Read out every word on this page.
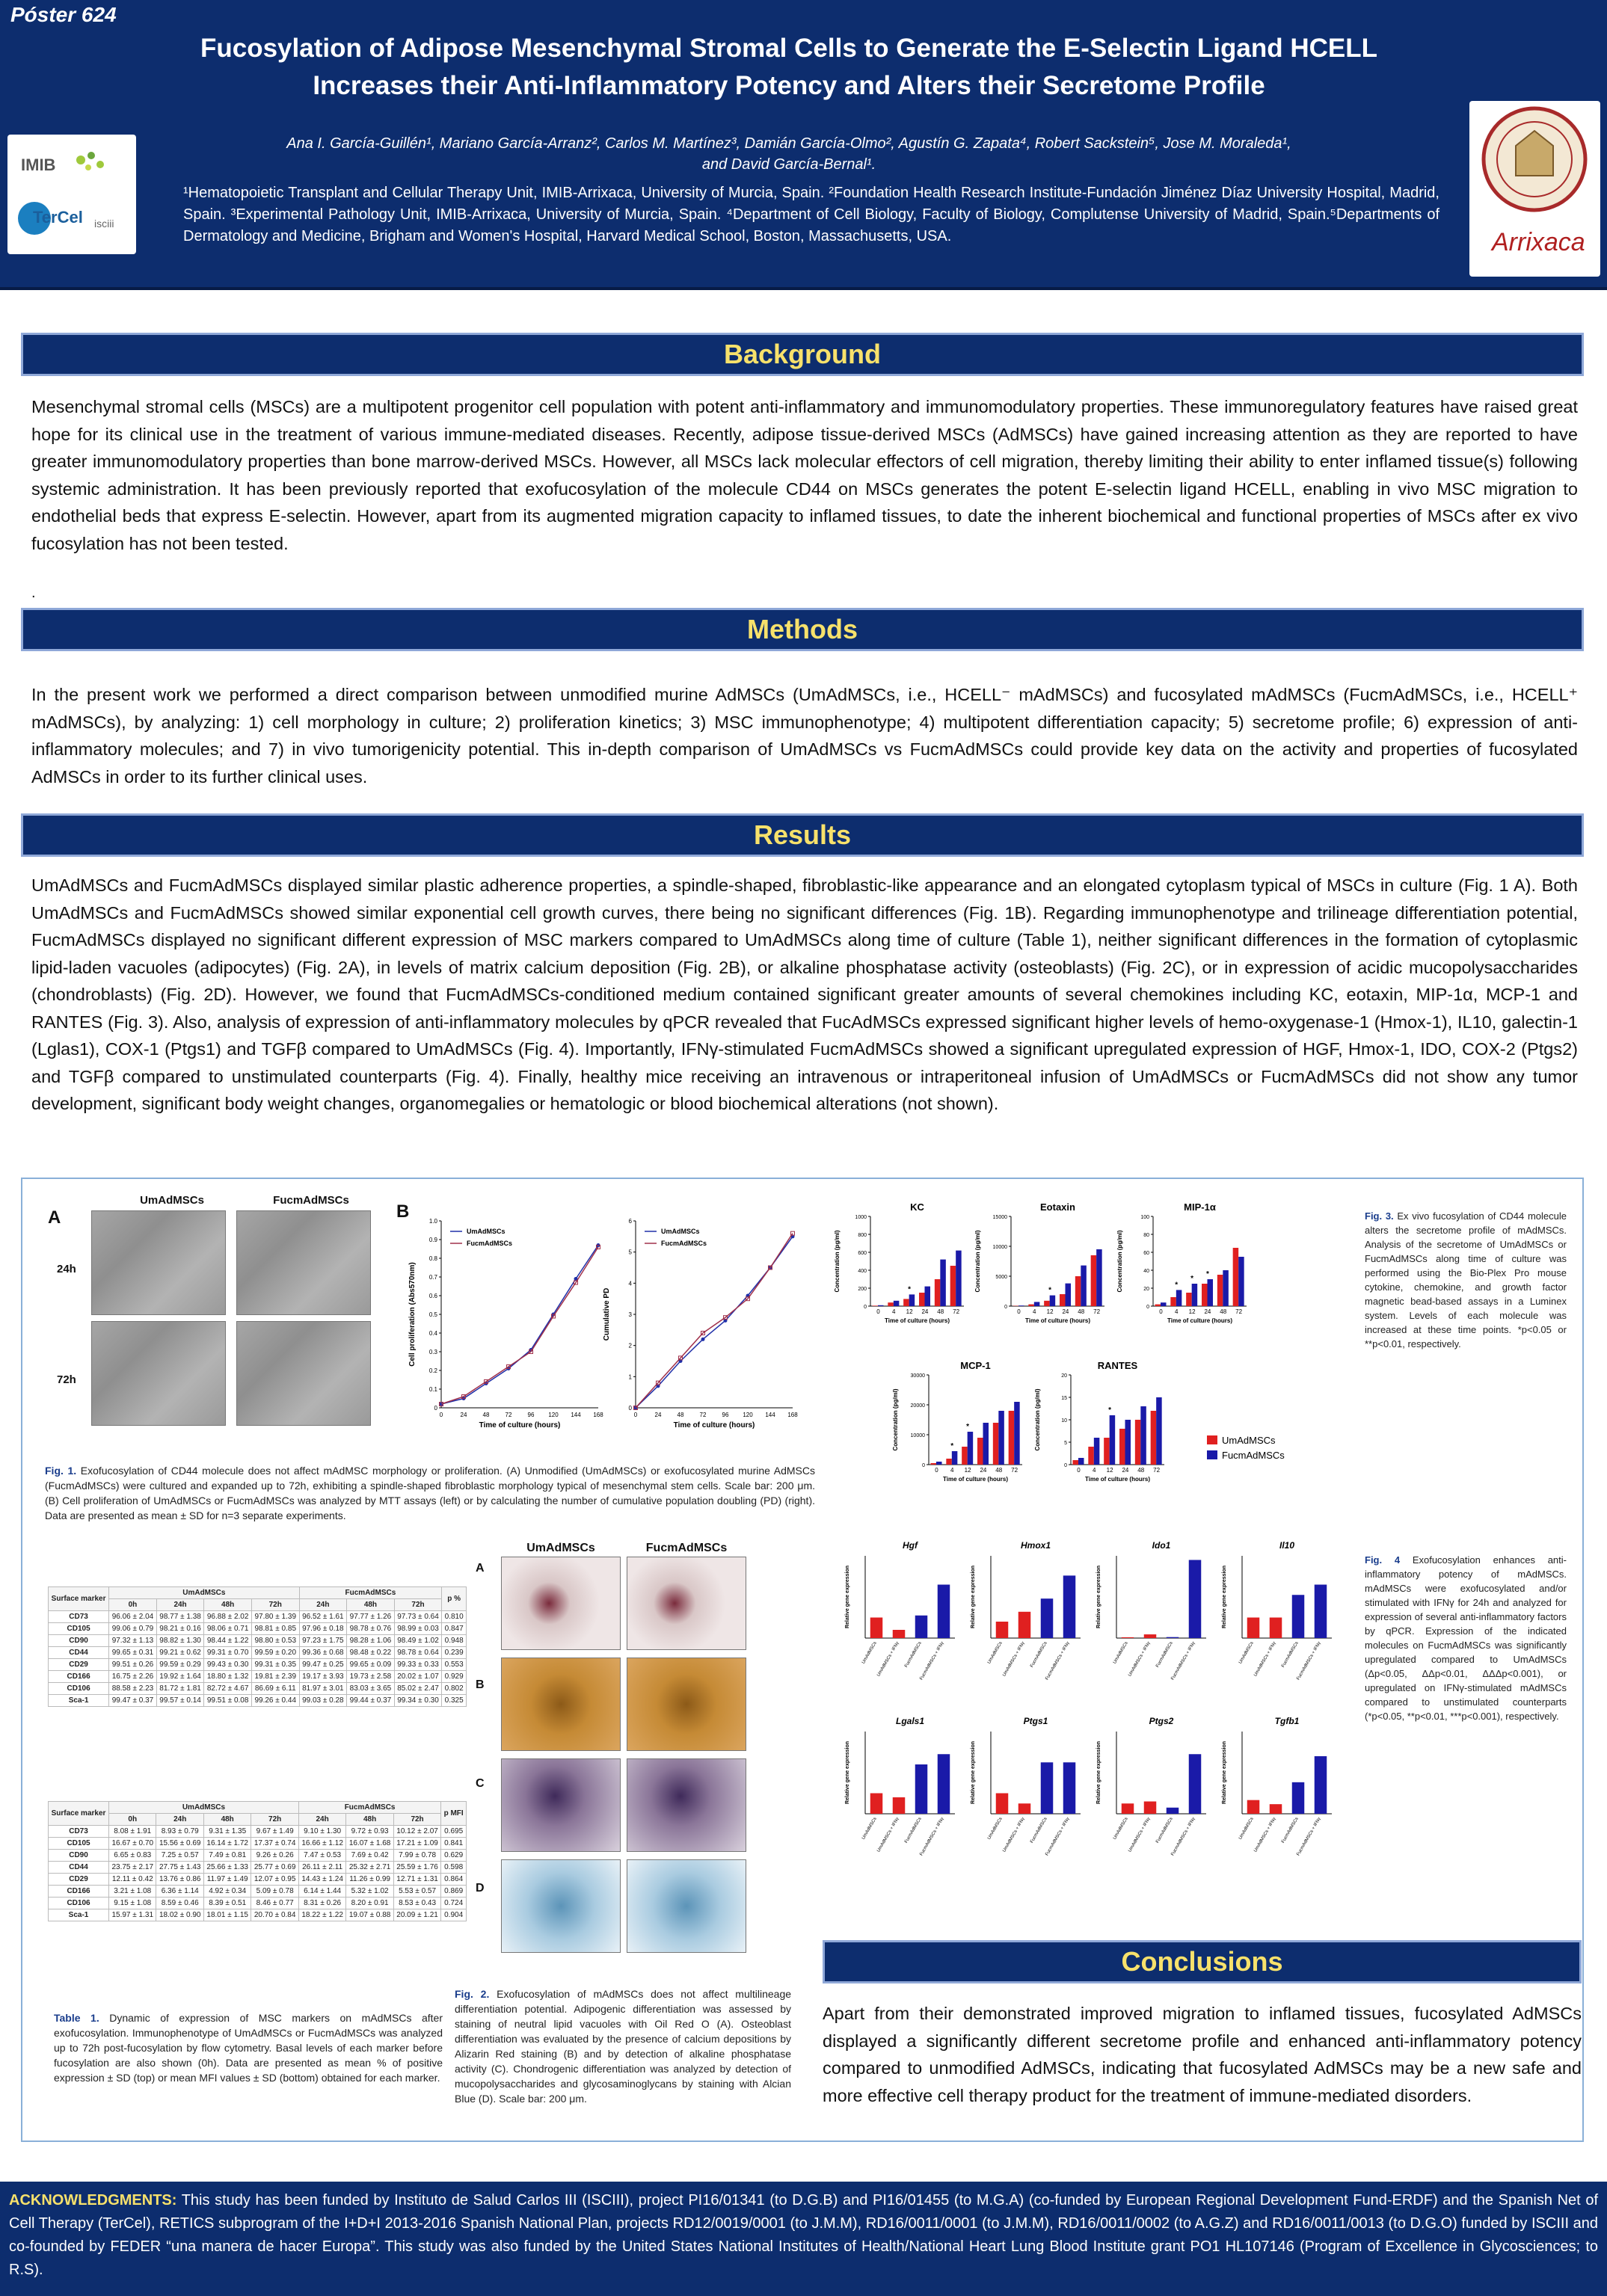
Póster 624
IMIB
TerCel isciii
Fucosylation of Adipose Mesenchymal Stromal Cells to Generate the E-Selectin Ligand HCELL
Increases their Anti-Inflammatory Potency and Alters their Secretome Profile
Ana I. García-Guillén¹, Mariano García-Arranz², Carlos M. Martínez³, Damián García-Olmo², Agustín G. Zapata⁴, Robert Sackstein⁵, Jose M. Moraleda¹,
and David García-Bernal¹.
¹Hematopoietic Transplant and Cellular Therapy Unit, IMIB-Arrixaca, University of Murcia, Spain. ²Foundation Health Research Institute-Fundación Jiménez Díaz University Hospital, Madrid, Spain. ³Experimental Pathology Unit, IMIB-Arrixaca, University of Murcia, Spain. ⁴Department of Cell Biology, Faculty of Biology, Complutense University of Madrid, Spain.⁵Departments of Dermatology and Medicine, Brigham and Women's Hospital, Harvard Medical School, Boston, Massachusetts, USA.	Arrixaca
Background
Mesenchymal stromal cells (MSCs) are a multipotent progenitor cell population with potent anti-inflammatory and immunomodulatory properties. These immunoregulatory features have raised great hope for its clinical use in the treatment of various immune-mediated diseases. Recently, adipose tissue-derived MSCs (AdMSCs) have gained increasing attention as they are reported to have greater immunomodulatory properties than bone marrow-derived MSCs. However, all MSCs lack molecular effectors of cell migration, thereby limiting their ability to enter inflamed tissue(s) following systemic administration. It has been previously reported that exofucosylation of the molecule CD44 on MSCs generates the potent E-selectin ligand HCELL, enabling in vivo MSC migration to endothelial beds that express E-selectin. However, apart from its augmented migration capacity to inflamed tissues, to date the inherent biochemical and functional properties of MSCs after ex vivo fucosylation has not been tested.
.
Methods
In the present work we performed a direct comparison between unmodified murine AdMSCs (UmAdMSCs, i.e., HCELL⁻ mAdMSCs) and fucosylated mAdMSCs (FucmAdMSCs, i.e., HCELL⁺ mAdMSCs), by analyzing: 1) cell morphology in culture; 2) proliferation kinetics; 3) MSC immunophenotype; 4) multipotent differentiation capacity; 5) secretome profile; 6) expression of anti-inflammatory molecules; and 7) in vivo tumorigenicity potential. This in-depth comparison of UmAdMSCs vs FucmAdMSCs could provide key data on the activity and properties of fucosylated AdMSCs in order to its further clinical uses.
Results
UmAdMSCs and FucmAdMSCs displayed similar plastic adherence properties, a spindle-shaped, fibroblastic-like appearance and an elongated cytoplasm typical of MSCs in culture (Fig. 1 A). Both UmAdMSCs and FucmAdMSCs showed similar exponential cell growth curves, there being no significant differences (Fig. 1B). Regarding immunophenotype and trilineage differentiation potential, FucmAdMSCs displayed no significant different expression of MSC markers compared to UmAdMSCs along time of culture (Table 1), neither significant differences in the formation of cytoplasmic lipid-laden vacuoles (adipocytes) (Fig. 2A), in levels of matrix calcium deposition (Fig. 2B), or alkaline phosphatase activity (osteoblasts) (Fig. 2C), or in expression of acidic mucopolysaccharides (chondroblasts) (Fig. 2D). However, we found that FucmAdMSCs-conditioned medium contained significant greater amounts of several chemokines including KC, eotaxin, MIP-1α, MCP-1 and RANTES (Fig. 3). Also, analysis of expression of anti-inflammatory molecules by qPCR revealed that FucAdMSCs expressed significant higher levels of hemo-oxygenase-1 (Hmox-1), IL10, galectin-1 (Lglas1), COX-1 (Ptgs1) and TGFβ compared to UmAdMSCs (Fig. 4). Importantly, IFNγ-stimulated FucmAdMSCs showed a significant upregulated expression of HGF, Hmox-1, IDO, COX-2 (Ptgs2) and TGFβ compared to unstimulated counterparts (Fig. 4). Finally, healthy mice receiving an intravenous or intraperitoneal infusion of UmAdMSCs or FucmAdMSCs did not show any tumor development, significant body weight changes, organomegalies or hematologic or blood biochemical alterations (not shown).
A
UmAdMSCs	FucmAdMSCs
24h
72h
B
0
0.1
0.2
0.3
0.4
0.5
0.6
0.7
0.8
0.9
1.0
0	24	48	72	96 120 144 168
Time of culture (hours)
Cell proliferation (Abs570nm)
UmAdMSCs
FucmAdMSCs
0
1
2
3
4
5
6
0	24	48	72	96 120 144 168
Time of culture (hours)
Cumulative PD
UmAdMSCs
FucmAdMSCs
Fig. 1. Exofucosylation of CD44 molecule does not affect mAdMSC morphology or proliferation. (A) Unmodified (UmAdMSCs) or exofucosylated murine AdMSCs (FucmAdMSCs) were cultured and expanded up to 72h, exhibiting a spindle-shaped fibroblastic morphology typical of mesenchymal stem cells. Scale bar: 200 μm. (B) Cell proliferation of UmAdMSCs or FucmAdMSCs was analyzed by MTT assays (left) or by calculating the number of cumulative population doubling (PD) (right). Data are presented as mean ± SD for n=3 separate experiments.
Surface marker	UmAdMSCs				FucmAdMSCs			p %
	0h	24h	48h	72h	24h	48h	72h	
CD73	96.06 ± 2.04	98.77 ± 1.38	96.88 ± 2.02	97.80 ± 1.39	96.52 ± 1.61	97.77 ± 1.26	97.73 ± 0.64	0.810
CD105	99.06 ± 0.79	98.21 ± 0.16	98.06 ± 0.71	98.81 ± 0.85	97.96 ± 0.18	98.78 ± 0.76	98.99 ± 0.03	0.847
CD90	97.32 ± 1.13	98.82 ± 1.30	98.44 ± 1.22	98.80 ± 0.53	97.23 ± 1.75	98.28 ± 1.06	98.49 ± 1.02	0.948
CD44	99.65 ± 0.31	99.21 ± 0.62	99.31 ± 0.70	99.59 ± 0.20	99.36 ± 0.68	98.48 ± 0.22	98.78 ± 0.64	0.239
CD29	99.51 ± 0.26	99.59 ± 0.29	99.43 ± 0.30	99.31 ± 0.35	99.47 ± 0.25	99.65 ± 0.09	99.33 ± 0.33	0.553
CD166	16.75 ± 2.26	19.92 ± 1.64	18.80 ± 1.32	19.81 ± 2.39	19.17 ± 3.93	19.73 ± 2.58	20.02 ± 1.07	0.929
CD106	88.58 ± 2.23	81.72 ± 1.81	82.72 ± 4.67	86.69 ± 6.11	81.97 ± 3.01	83.03 ± 3.65	85.02 ± 2.47	0.802
Sca-1	99.47 ± 0.37	99.57 ± 0.14	99.51 ± 0.08	99.26 ± 0.44	99.03 ± 0.28	99.44 ± 0.37	99.34 ± 0.30	0.325
Surface marker	UmAdMSCs				FucmAdMSCs			p MFI
	0h	24h	48h	72h	24h	48h	72h	
CD73	8.08 ± 1.91	8.93 ± 0.79	9.31 ± 1.35	9.67 ± 1.49	9.10 ± 1.30	9.72 ± 0.93	10.12 ± 2.07	0.695
CD105	16.67 ± 0.70	15.56 ± 0.69	16.14 ± 1.72	17.37 ± 0.74	16.66 ± 1.12	16.07 ± 1.68	17.21 ± 1.09	0.841
CD90	6.65 ± 0.83	7.25 ± 0.57	7.49 ± 0.81	9.26 ± 0.26	7.47 ± 0.53	7.69 ± 0.42	7.99 ± 0.78	0.629
CD44	23.75 ± 2.17	27.75 ± 1.43	25.66 ± 1.33	25.77 ± 0.69	26.11 ± 2.11	25.32 ± 2.71	25.59 ± 1.76	0.598
CD29	12.11 ± 0.42	13.76 ± 0.86	11.97 ± 1.49	12.07 ± 0.95	14.43 ± 1.24	11.26 ± 0.99	12.71 ± 1.31	0.864
CD166	3.21 ± 1.08	6.36 ± 1.14	4.92 ± 0.34	5.09 ± 0.78	6.14 ± 1.44	5.32 ± 1.02	5.53 ± 0.57	0.869
CD106	9.15 ± 1.08	8.59 ± 0.46	8.39 ± 0.51	8.46 ± 0.77	8.31 ± 0.26	8.20 ± 0.91	8.53 ± 0.43	0.724
Sca-1	15.97 ± 1.31	18.02 ± 0.90	18.01 ± 1.15	20.70 ± 0.84	18.22 ± 1.22	19.07 ± 0.88	20.09 ± 1.21	0.904
Table 1. Dynamic of expression of MSC markers on mAdMSCs after exofucosylation. Immunophenotype of UmAdMSCs or FucmAdMSCs was analyzed up to 72h post-fucosylation by flow cytometry. Basal levels of each marker before fucosylation are also shown (0h). Data are presented as mean % of positive expression ± SD (top) or mean MFI values ± SD (bottom) obtained for each marker.
UmAdMSCs	FucmAdMSCs
A
B
C
D
Fig. 2. Exofucosylation of mAdMSCs does not affect multilineage differentiation potential. Adipogenic differentiation was assessed by staining of neutral lipid vacuoles with Oil Red O (A). Osteoblast differentiation was evaluated by the presence of calcium depositions by Alizarin Red staining (B) and by detection of alkaline phosphatase activity (C). Chondrogenic differentiation was analyzed by detection of mucopolysaccharides and glycosaminoglycans by staining with Alcian Blue (D). Scale bar: 200 μm.
KC
0
200
400
600
800
1000
0 4 12
*
24 48 72
Time of culture (hours)
Concentration (pg/ml)
Eotaxin
0
5000
10000
15000
0 4 12
*
24 48 72
Time of culture (hours)
Concentration (pg/ml)
MIP-1α
0
20
40
60
80
100
0 4
*
12
*
24
*
48 72
Time of culture (hours)
Concentration (pg/ml)
MCP-1
0
10000
20000
30000
0 4
*
12
*
24 48 72
Time of culture (hours)
Concentration (pg/ml)
RANTES
0
5
10
15
20
0 4 12
*
24 48 72
Time of culture (hours)
Concentration (pg/ml)	UmAdMSCs
FucmAdMSCs
Fig. 3. Ex vivo fucosylation of CD44 molecule alters the secretome profile of mAdMSCs. Analysis of the secretome of UmAdMSCs or FucmAdMSCs along time of culture was performed using the Bio-Plex Pro mouse cytokine, chemokine, and growth factor magnetic bead-based assays in a Luminex system. Levels of each molecule was increased at these time points. *p<0.05 or **p<0.01, respectively.
Hgf
Relative gene expression
UmAdMSCs
UmAdMSCs + IFNγ FucmAdMSCs
FucmAdMSCs + IFNγ
Hmox1
Relative gene expression
UmAdMSCs
UmAdMSCs + IFNγ FucmAdMSCs
FucmAdMSCs + IFNγ
Ido1
Relative gene expression
UmAdMSCs
UmAdMSCs + IFNγ FucmAdMSCs
FucmAdMSCs + IFNγ
Il10
Relative gene expression
UmAdMSCs
UmAdMSCs + IFNγ FucmAdMSCs
FucmAdMSCs + IFNγ
Lgals1
Relative gene expression
UmAdMSCs
UmAdMSCs + IFNγ FucmAdMSCs
FucmAdMSCs + IFNγ
Ptgs1
Relative gene expression
UmAdMSCs
UmAdMSCs + IFNγ FucmAdMSCs
FucmAdMSCs + IFNγ
Ptgs2
Relative gene expression
UmAdMSCs
UmAdMSCs + IFNγ FucmAdMSCs
FucmAdMSCs + IFNγ
Tgfb1
Relative gene expression
UmAdMSCs
UmAdMSCs + IFNγ FucmAdMSCs
FucmAdMSCs + IFNγ
Fig. 4 Exofucosylation enhances anti-inflammatory potency of mAdMSCs. mAdMSCs were exofucosylated and/or stimulated with IFNγ for 24h and analyzed for expression of several anti-inflammatory factors by qPCR. Expression of the indicated molecules on FucmAdMSCs was significantly upregulated compared to UmAdMSCs (Δp<0.05, ΔΔp<0.01, ΔΔΔp<0.001), or upregulated on IFNγ-stimulated mAdMSCs compared to unstimulated counterparts (*p<0.05, **p<0.01, ***p<0.001), respectively.
Conclusions
Apart from their demonstrated improved migration to inflamed tissues, fucosylated AdMSCs displayed a significantly different secretome profile and enhanced anti-inflammatory potency compared to unmodified AdMSCs, indicating that fucosylated AdMSCs may be a new safe and more effective cell therapy product for the treatment of immune-mediated disorders.
ACKNOWLEDGMENTS: This study has been funded by Instituto de Salud Carlos III (ISCIII), project PI16/01341 (to D.G.B) and PI16/01455 (to M.G.A) (co-funded by European Regional Development Fund-ERDF) and the Spanish Net of Cell Therapy (TerCel), RETICS subprogram of the I+D+I 2013-2016 Spanish National Plan, projects RD12/0019/0001 (to J.M.M), RD16/0011/0001 (to J.M.M), RD16/0011/0002 (to A.G.Z) and RD16/0011/0013 (to D.G.O) funded by ISCIII and co-founded by FEDER “una manera de hacer Europa”. This study was also funded by the United States National Institutes of Health/National Heart Lung Blood Institute grant PO1 HL107146 (Program of Excellence in Glycosciences; to R.S).
